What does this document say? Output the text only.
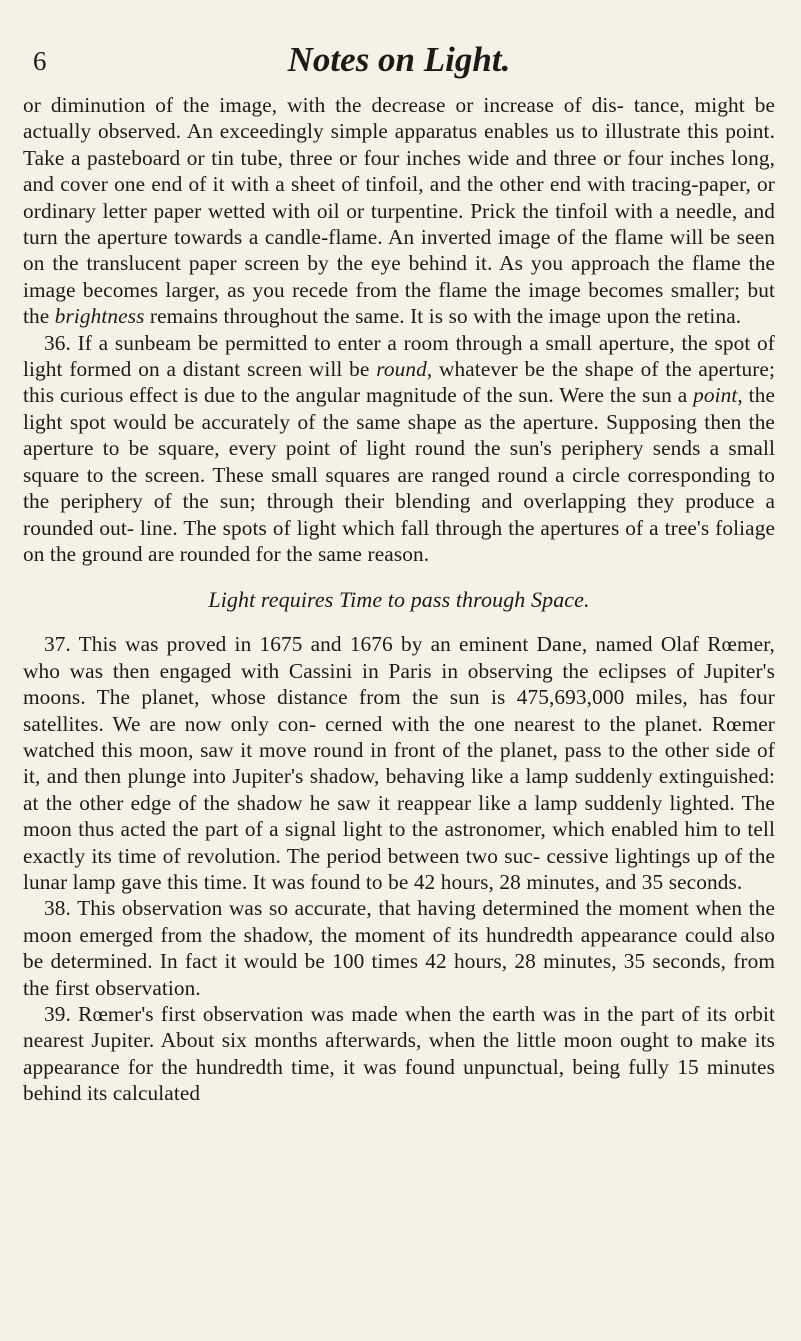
6	Notes on Light.

or diminution of the image, with the decrease or increase of dis- tance, might be actually observed. An exceedingly simple apparatus enables us to illustrate this point. Take a pasteboard or tin tube, three or four inches wide and three or four inches long, and cover one end of it with a sheet of tinfoil, and the other end with tracing-paper, or ordinary letter paper wetted with oil or turpentine. Prick the tinfoil with a needle, and turn the aperture towards a candle-flame. An inverted image of the flame will be seen on the translucent paper screen by the eye behind it. As you approach the flame the image becomes larger, as you recede from the flame the image becomes smaller; but the brightness remains throughout the same. It is so with the image upon the retina.

36. If a sunbeam be permitted to enter a room through a small aperture, the spot of light formed on a distant screen will be round, whatever be the shape of the aperture; this curious effect is due to the angular magnitude of the sun. Were the sun a point, the light spot would be accurately of the same shape as the aperture. Supposing then the aperture to be square, every point of light round the sun's periphery sends a small square to the screen. These small squares are ranged round a circle corresponding to the periphery of the sun; through their blending and overlapping they produce a rounded out- line. The spots of light which fall through the apertures of a tree's foliage on the ground are rounded for the same reason.

Light requires Time to pass through Space.

37. This was proved in 1675 and 1676 by an eminent Dane, named Olaf Rœmer, who was then engaged with Cassini in Paris in observing the eclipses of Jupiter's moons. The planet, whose distance from the sun is 475,693,000 miles, has four satellites. We are now only con- cerned with the one nearest to the planet. Rœmer watched this moon, saw it move round in front of the planet, pass to the other side of it, and then plunge into Jupiter's shadow, behaving like a lamp suddenly extinguished: at the other edge of the shadow he saw it reappear like a lamp suddenly lighted. The moon thus acted the part of a signal light to the astronomer, which enabled him to tell exactly its time of revolution. The period between two suc- cessive lightings up of the lunar lamp gave this time. It was found to be 42 hours, 28 minutes, and 35 seconds.

38. This observation was so accurate, that having determined the moment when the moon emerged from the shadow, the moment of its hundredth appearance could also be determined. In fact it would be 100 times 42 hours, 28 minutes, 35 seconds, from the first observation.

39. Rœmer's first observation was made when the earth was in the part of its orbit nearest Jupiter. About six months afterwards, when the little moon ought to make its appearance for the hundredth time, it was found unpunctual, being fully 15 minutes behind its calculated
